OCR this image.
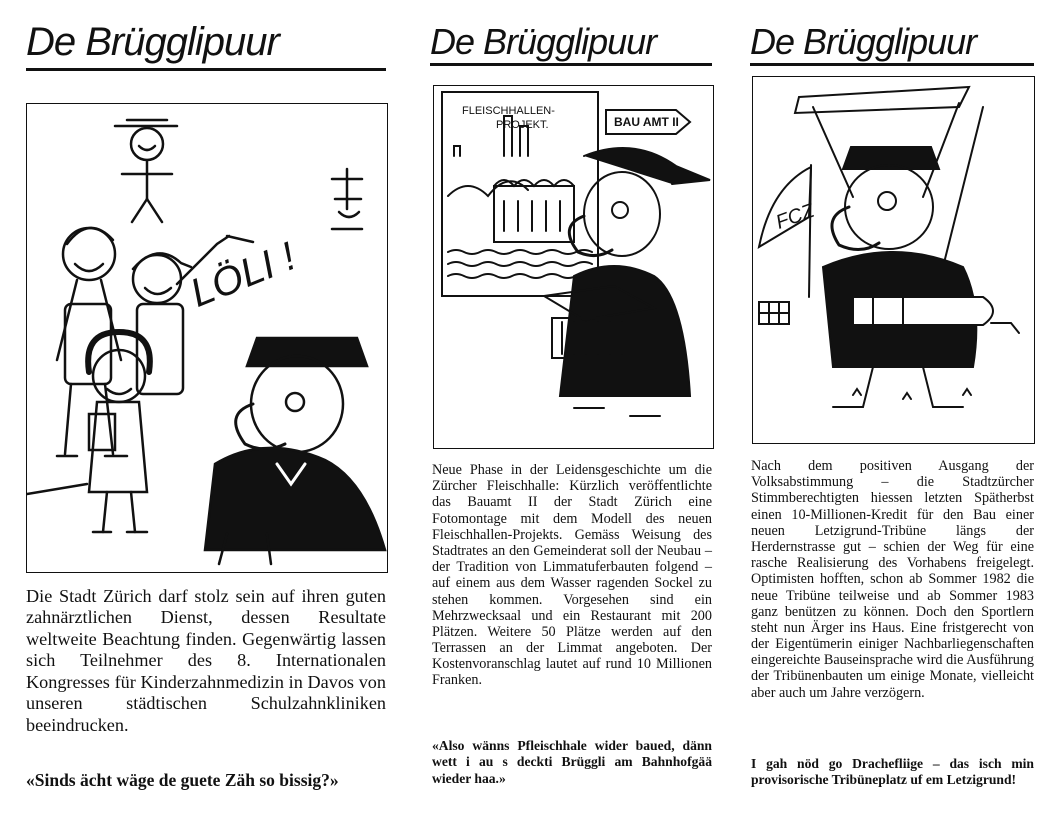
De Brügglipuur
LÖLI !
Die Stadt Zürich darf stolz sein auf ihren guten zahnärztlichen Dienst, dessen Resultate weltweite Beachtung finden. Gegenwärtig lassen sich Teilnehmer des 8. Internationalen Kongresses für Kinderzahnmedizin in Davos von unseren städtischen Schulzahnkliniken beeindrucken.
«Sinds ächt wäge de guete Zäh so bissig?»
De Brügglipuur
FLEISCHHALLEN-
PROJEKT.	BAU AMT II
Neue Phase in der Leidensgeschichte um die Zürcher Fleischhalle: Kürzlich veröffentlichte das Bauamt II der Stadt Zürich eine Fotomontage mit dem Modell des neuen Fleischhallen-Projekts. Gemäss Weisung des Stadtrates an den Gemeinderat soll der Neubau – der Tradition von Limmatuferbauten folgend – auf einem aus dem Wasser ragenden Sockel zu stehen kommen. Vorgesehen sind ein Mehrzwecksaal und ein Restaurant mit 200 Plätzen. Weitere 50 Plätze werden auf den Terrassen an der Limmat angeboten. Der Kostenvoranschlag lautet auf rund 10 Millionen Franken.
«Also wänns Pfleischhale wider baued, dänn wett i au s deckti Brüggli am Bahnhofgää wieder haa.»
De Brügglipuur
FCZ
Nach dem positiven Ausgang der Volksabstimmung – die Stadtzürcher Stimmberechtigten hiessen letzten Spätherbst einen 10-Millionen-Kredit für den Bau einer neuen Letzigrund-Tribüne längs der Herdernstrasse gut – schien der Weg für eine rasche Realisierung des Vorhabens freigelegt. Optimisten hofften, schon ab Sommer 1982 die neue Tribüne teilweise und ab Sommer 1983 ganz benützen zu können. Doch den Sportlern steht nun Ärger ins Haus. Eine fristgerecht von der Eigentümerin einiger Nachbarliegenschaften eingereichte Bauseinsprache wird die Ausführung der Tribünenbauten um einige Monate, vielleicht aber auch um Jahre verzögern.
I gah nöd go Drachefliige – das isch min provisorische Tribüneplatz uf em Letzigrund!
